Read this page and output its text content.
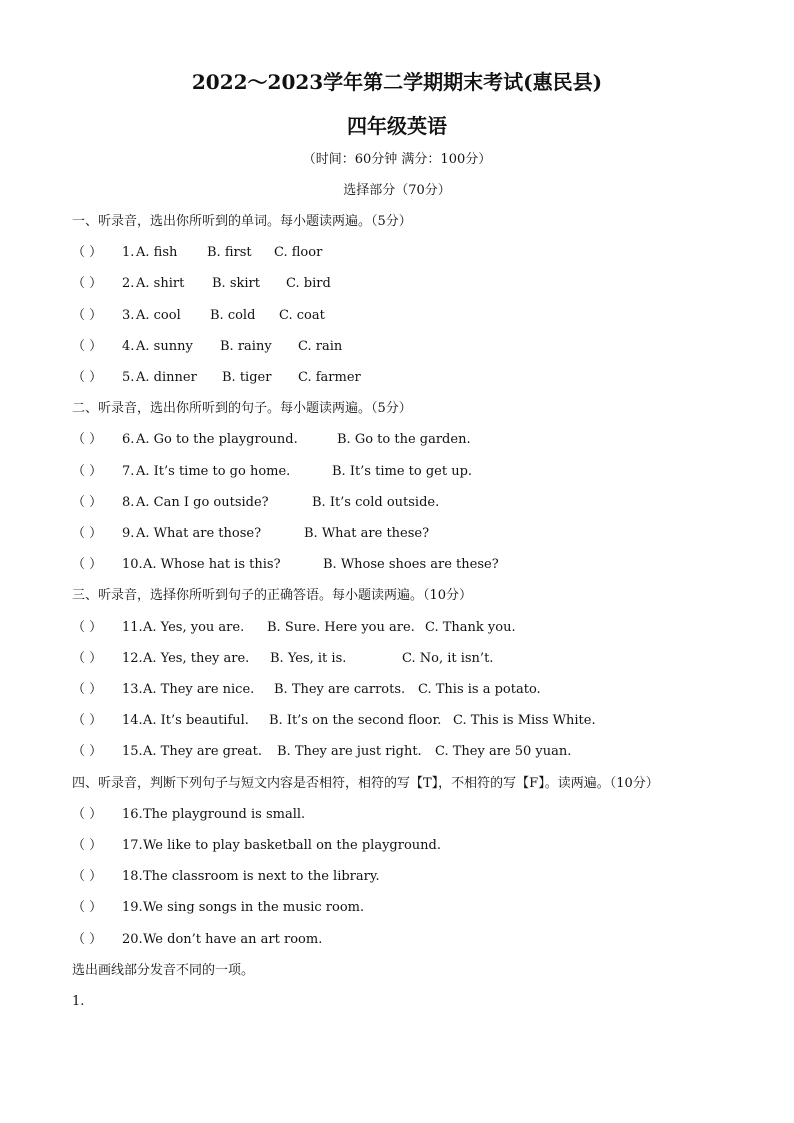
2022～2023学年第二学期期末考试(惠民县)
四年级英语
（时间：60分钟 满分：100分）
选择部分（70分）
一、听录音，选出你所听到的单词。每小题读两遍。（5分）
（ ） 1. A. fish B. first C. floor
（ ） 2. A. shirt B. skirt C. bird
（ ） 3. A. cool B. cold C. coat
（ ） 4. A. sunny B. rainy C. rain
（ ） 5. A. dinner B. tiger C. farmer
二、听录音，选出你所听到的句子。每小题读两遍。（5分）
（ ） 6. A. Go to the playground.	B. Go to the garden.
（ ） 7. A. It’s time to go home.	B. It’s time to get up.
（ ） 8. A. Can I go outside?	B. It’s cold outside.
（ ） 9. A. What are those?	B. What are these?
（ ） 10. A. Whose hat is this?	B. Whose shoes are these?
三、听录音，选择你所听到句子的正确答语。每小题读两遍。（10分）
（ ） 11. A. Yes, you are. B. Sure. Here you are. C. Thank you.
（ ） 12. A. Yes, they are. B. Yes, it is.	C. No, it isn’t.
（ ） 13. A. They are nice. B. They are carrots. C. This is a potato.
（ ） 14. A. It’s beautiful. B. It’s on the second floor. C. This is Miss White.
（ ） 15. A. They are great. B. They are just right. C. They are 50 yuan.
四、听录音，判断下列句子与短文内容是否相符，相符的写【T】，不相符的写【F】。读两遍。（10分）
（ ） 16. The playground is small.
（ ） 17. We like to play basketball on the playground.
（ ） 18. The classroom is next to the library.
（ ） 19. We sing songs in the music room.
（ ） 20. We don’t have an art room.
选出画线部分发音不同的一项。
1.
